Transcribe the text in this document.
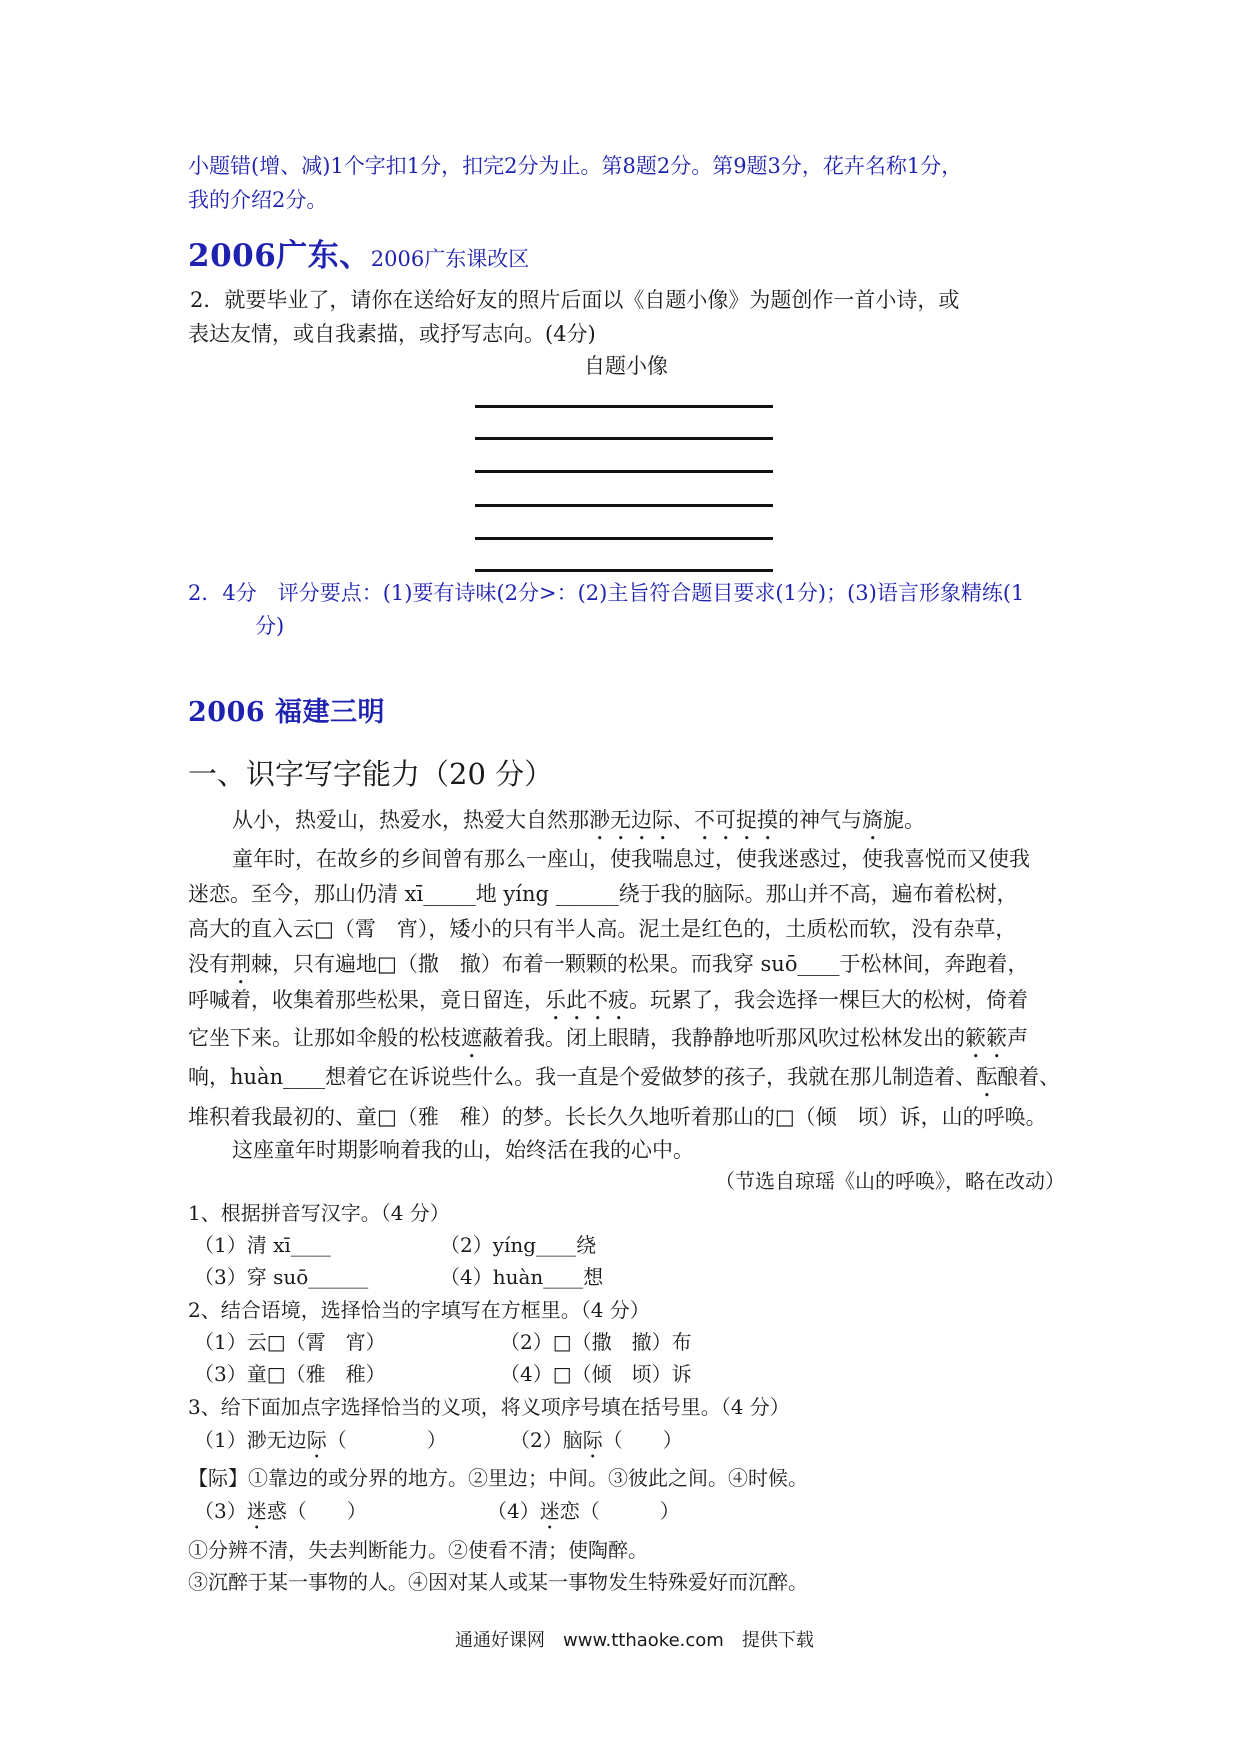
小题错(增、减)1个字扣1分，扣完2分为止。第8题2分。第9题3分，花卉名称1分，
我的介绍2分。
2006广东、2006广东课改区
2．就要毕业了，请你在送给好友的照片后面以《自题小像》为题创作一首小诗，或
表达友情，或自我素描，或抒写志向。(4分)
自题小像
2．4分　评分要点：(1)要有诗味(2分>：(2)主旨符合题目要求(1分)；(3)语言形象精练(1
分)
2006 福建三明
一、识字写字能力（20 分）
从小，热爱山，热爱水，热爱大自然那渺无边际、不可捉摸的神气与旖旎。
童年时，在故乡的乡间曾有那么一座山，使我喘息过，使我迷惑过，使我喜悦而又使我
迷恋。至今，那山仍清 xī_____地 yíng ______绕于我的脑际。那山并不高，遍布着松树，
高大的直入云□（霄　宵），矮小的只有半人高。泥土是红色的，土质松而软，没有杂草，
没有荆棘，只有遍地□（撒　撤）布着一颗颗的松果。而我穿 suō____于松林间，奔跑着，
呼喊着，收集着那些松果，竟日留连，乐此不疲。玩累了，我会选择一棵巨大的松树，倚着
它坐下来。让那如伞般的松枝遮蔽着我。闭上眼睛，我静静地听那风吹过松林发出的簌簌声
响，huàn____想着它在诉说些什么。我一直是个爱做梦的孩子，我就在那儿制造着、酝酿着、
堆积着我最初的、童□（雅　稚）的梦。长长久久地听着那山的□（倾　顷）诉，山的呼唤。
这座童年时期影响着我的山，始终活在我的心中。
（节选自琼瑶《山的呼唤》，略在改动）
1、根据拼音写汉字。（4 分）
（1）清 xī____	（2）yíng____绕
（3）穿 suō______	（4）huàn____想
2、结合语境，选择恰当的字填写在方框里。（4 分）
（1）云□（霄　宵）	（2）□（撒　撤）布
（3）童□（雅　稚）	（4）□（倾　顷）诉
3、给下面加点字选择恰当的义项，将义项序号填在括号里。（4 分）
（1）渺无边际（　　　　）	（2）脑际（　　）
【际】①靠边的或分界的地方。②里边；中间。③彼此之间。④时候。
（3）迷惑（　　）	（4）迷恋（　　　）
①分辨不清，失去判断能力。②使看不清；使陶醉。
③沉醉于某一事物的人。④因对某人或某一事物发生特殊爱好而沉醉。
通通好课网　www.tthaoke.com　提供下载
